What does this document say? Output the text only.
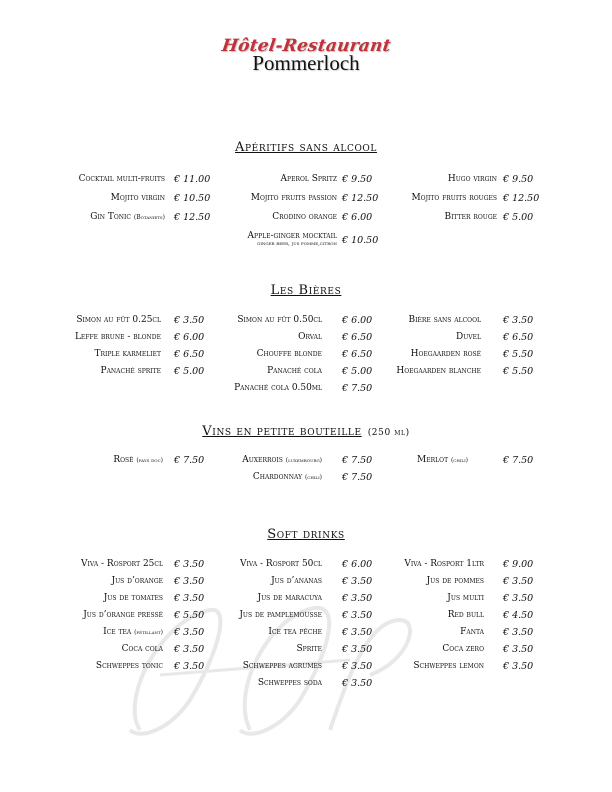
Hôtel-Restaurant
Pommerloch
Apéritifs sans alcool
Les Bières
Vins en petite bouteille (250 ml)
Soft drinks
Cocktail multi-fruits € 11.00
Mojito virgin € 10.50
Gin Tonic (Botaniets) € 12.50
Aperol Spritz € 9.50
Mojito fruits passion € 12.50
Crodino orange € 6.00
Apple-ginger mocktail
ginger beer, jus pomme,citron € 10.50
Hugo virgin € 9.50
Mojito fruits rouges € 12.50
Bitter rouge € 5.00
Simon au fût 0.25cl € 3.50
Leffe brune - blonde € 6.00
Triple karmeliet € 6.50
Panaché sprite € 5.00
Simon au fût 0.50cl € 6.00
Orval € 6.50
Chouffe blonde € 6.50
Panaché cola € 5.00
Panaché cola 0.50ml € 7.50
Bière sans alcool € 3.50
Duvel € 6.50
Hoegaarden rosé € 5.50
Hoegaarden blanche € 5.50
Rosè (pays doc) € 7.50	Auxerrois (luxembourg) € 7.50
Chardonnay (chili) € 7.50
Merlot (chili)	€ 7.50
Viva - Rosport 25cl € 3.50
Jus d’orange € 3.50
Jus de tomates € 3.50
Jus d’orange pressé € 5.50
Ice tea (pétillant) € 3.50
Coca cola € 3.50
Schweppes tonic € 3.50
Viva - Rosport 50cl € 6.00
Jus d’ananas € 3.50
Jus de maracuya € 3.50
Jus de pamplemousse € 3.50
Ice tea pêche € 3.50
Sprite € 3.50
Schweppes agrumes € 3.50
Schweppes soda € 3.50
Viva - Rosport 1ltr € 9.00
Jus de pommes € 3.50
Jus multi € 3.50
Red bull € 4.50
Fanta € 3.50
Coca zero € 3.50
Schweppes lemon € 3.50
